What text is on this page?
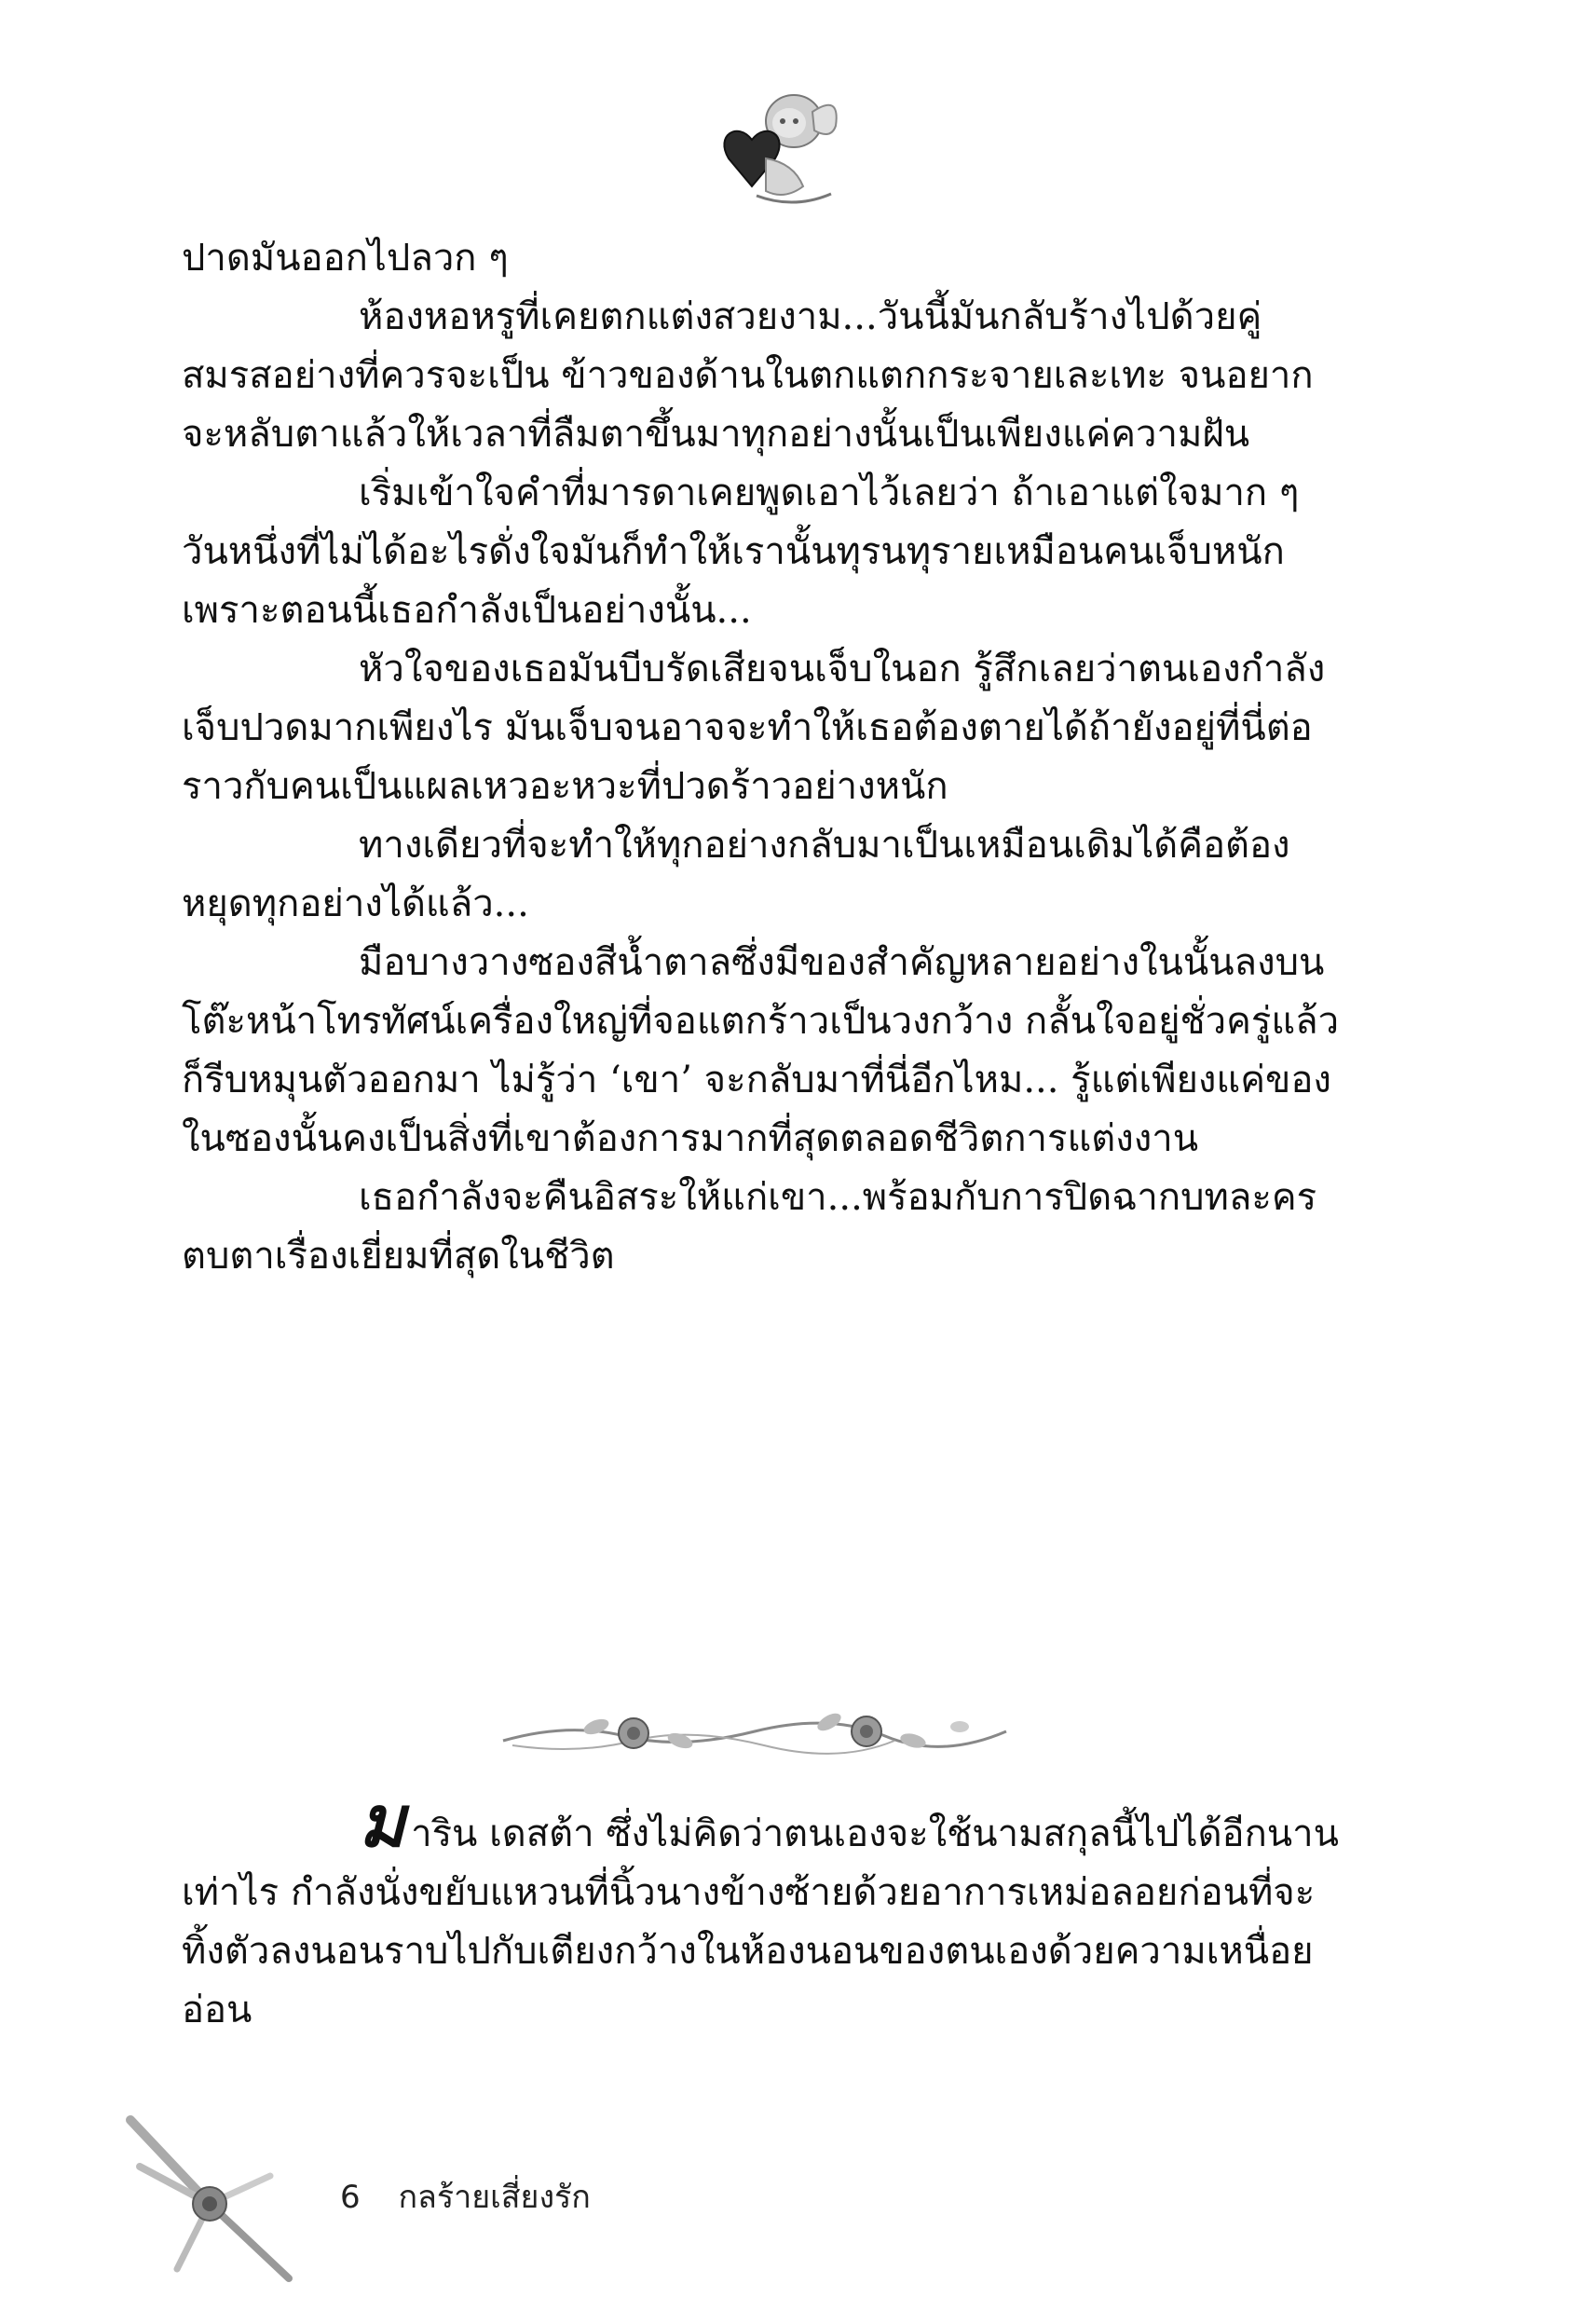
ปาดมันออกไปลวก ๆ

ห้องหอหรูที่เคยตกแต่งสวยงาม...วันนี้มันกลับร้างไปด้วยคู่สมรสอย่างที่ควรจะเป็น ข้าวของด้านในตกแตกกระจายเละเทะ จนอยากจะหลับตาแล้วให้เวลาที่ลืมตาขึ้นมาทุกอย่างนั้นเป็นเพียงแค่ความฝัน

เริ่มเข้าใจคำที่มารดาเคยพูดเอาไว้เลยว่า ถ้าเอาแต่ใจมาก ๆ วันหนึ่งที่ไม่ได้อะไรดั่งใจมันก็ทำให้เรานั้นทุรนทุรายเหมือนคนเจ็บหนัก เพราะตอนนี้เธอกำลังเป็นอย่างนั้น...

หัวใจของเธอมันบีบรัดเสียจนเจ็บในอก รู้สึกเลยว่าตนเองกำลังเจ็บปวดมากเพียงไร มันเจ็บจนอาจจะทำให้เธอต้องตายได้ถ้ายังอยู่ที่นี่ต่อ ราวกับคนเป็นแผลเหวอะหวะที่ปวดร้าวอย่างหนัก

ทางเดียวที่จะทำให้ทุกอย่างกลับมาเป็นเหมือนเดิมได้คือต้องหยุดทุกอย่างได้แล้ว...

มือบางวางซองสีน้ำตาลซึ่งมีของสำคัญหลายอย่างในนั้นลงบนโต๊ะหน้าโทรทัศน์เครื่องใหญ่ที่จอแตกร้าวเป็นวงกว้าง กลั้นใจอยู่ชั่วครู่แล้วก็รีบหมุนตัวออกมา ไม่รู้ว่า ‘เขา’ จะกลับมาที่นี่อีกไหม... รู้แต่เพียงแค่ของในซองนั้นคงเป็นสิ่งที่เขาต้องการมากที่สุดตลอดชีวิตการแต่งงาน

เธอกำลังจะคืนอิสระให้แก่เขา...พร้อมกับการปิดฉากบทละครตบตาเรื่องเยี่ยมที่สุดในชีวิต

มาริน เดสต้า ซึ่งไม่คิดว่าตนเองจะใช้นามสกุลนี้ไปได้อีกนานเท่าไร กำลังนั่งขยับแหวนที่นิ้วนางข้างซ้ายด้วยอาการเหม่อลอยก่อนที่จะทิ้งตัวลงนอนราบไปกับเตียงกว้างในห้องนอนของตนเองด้วยความเหนื่อยอ่อน

6 กลร้ายเสี่ยงรัก
